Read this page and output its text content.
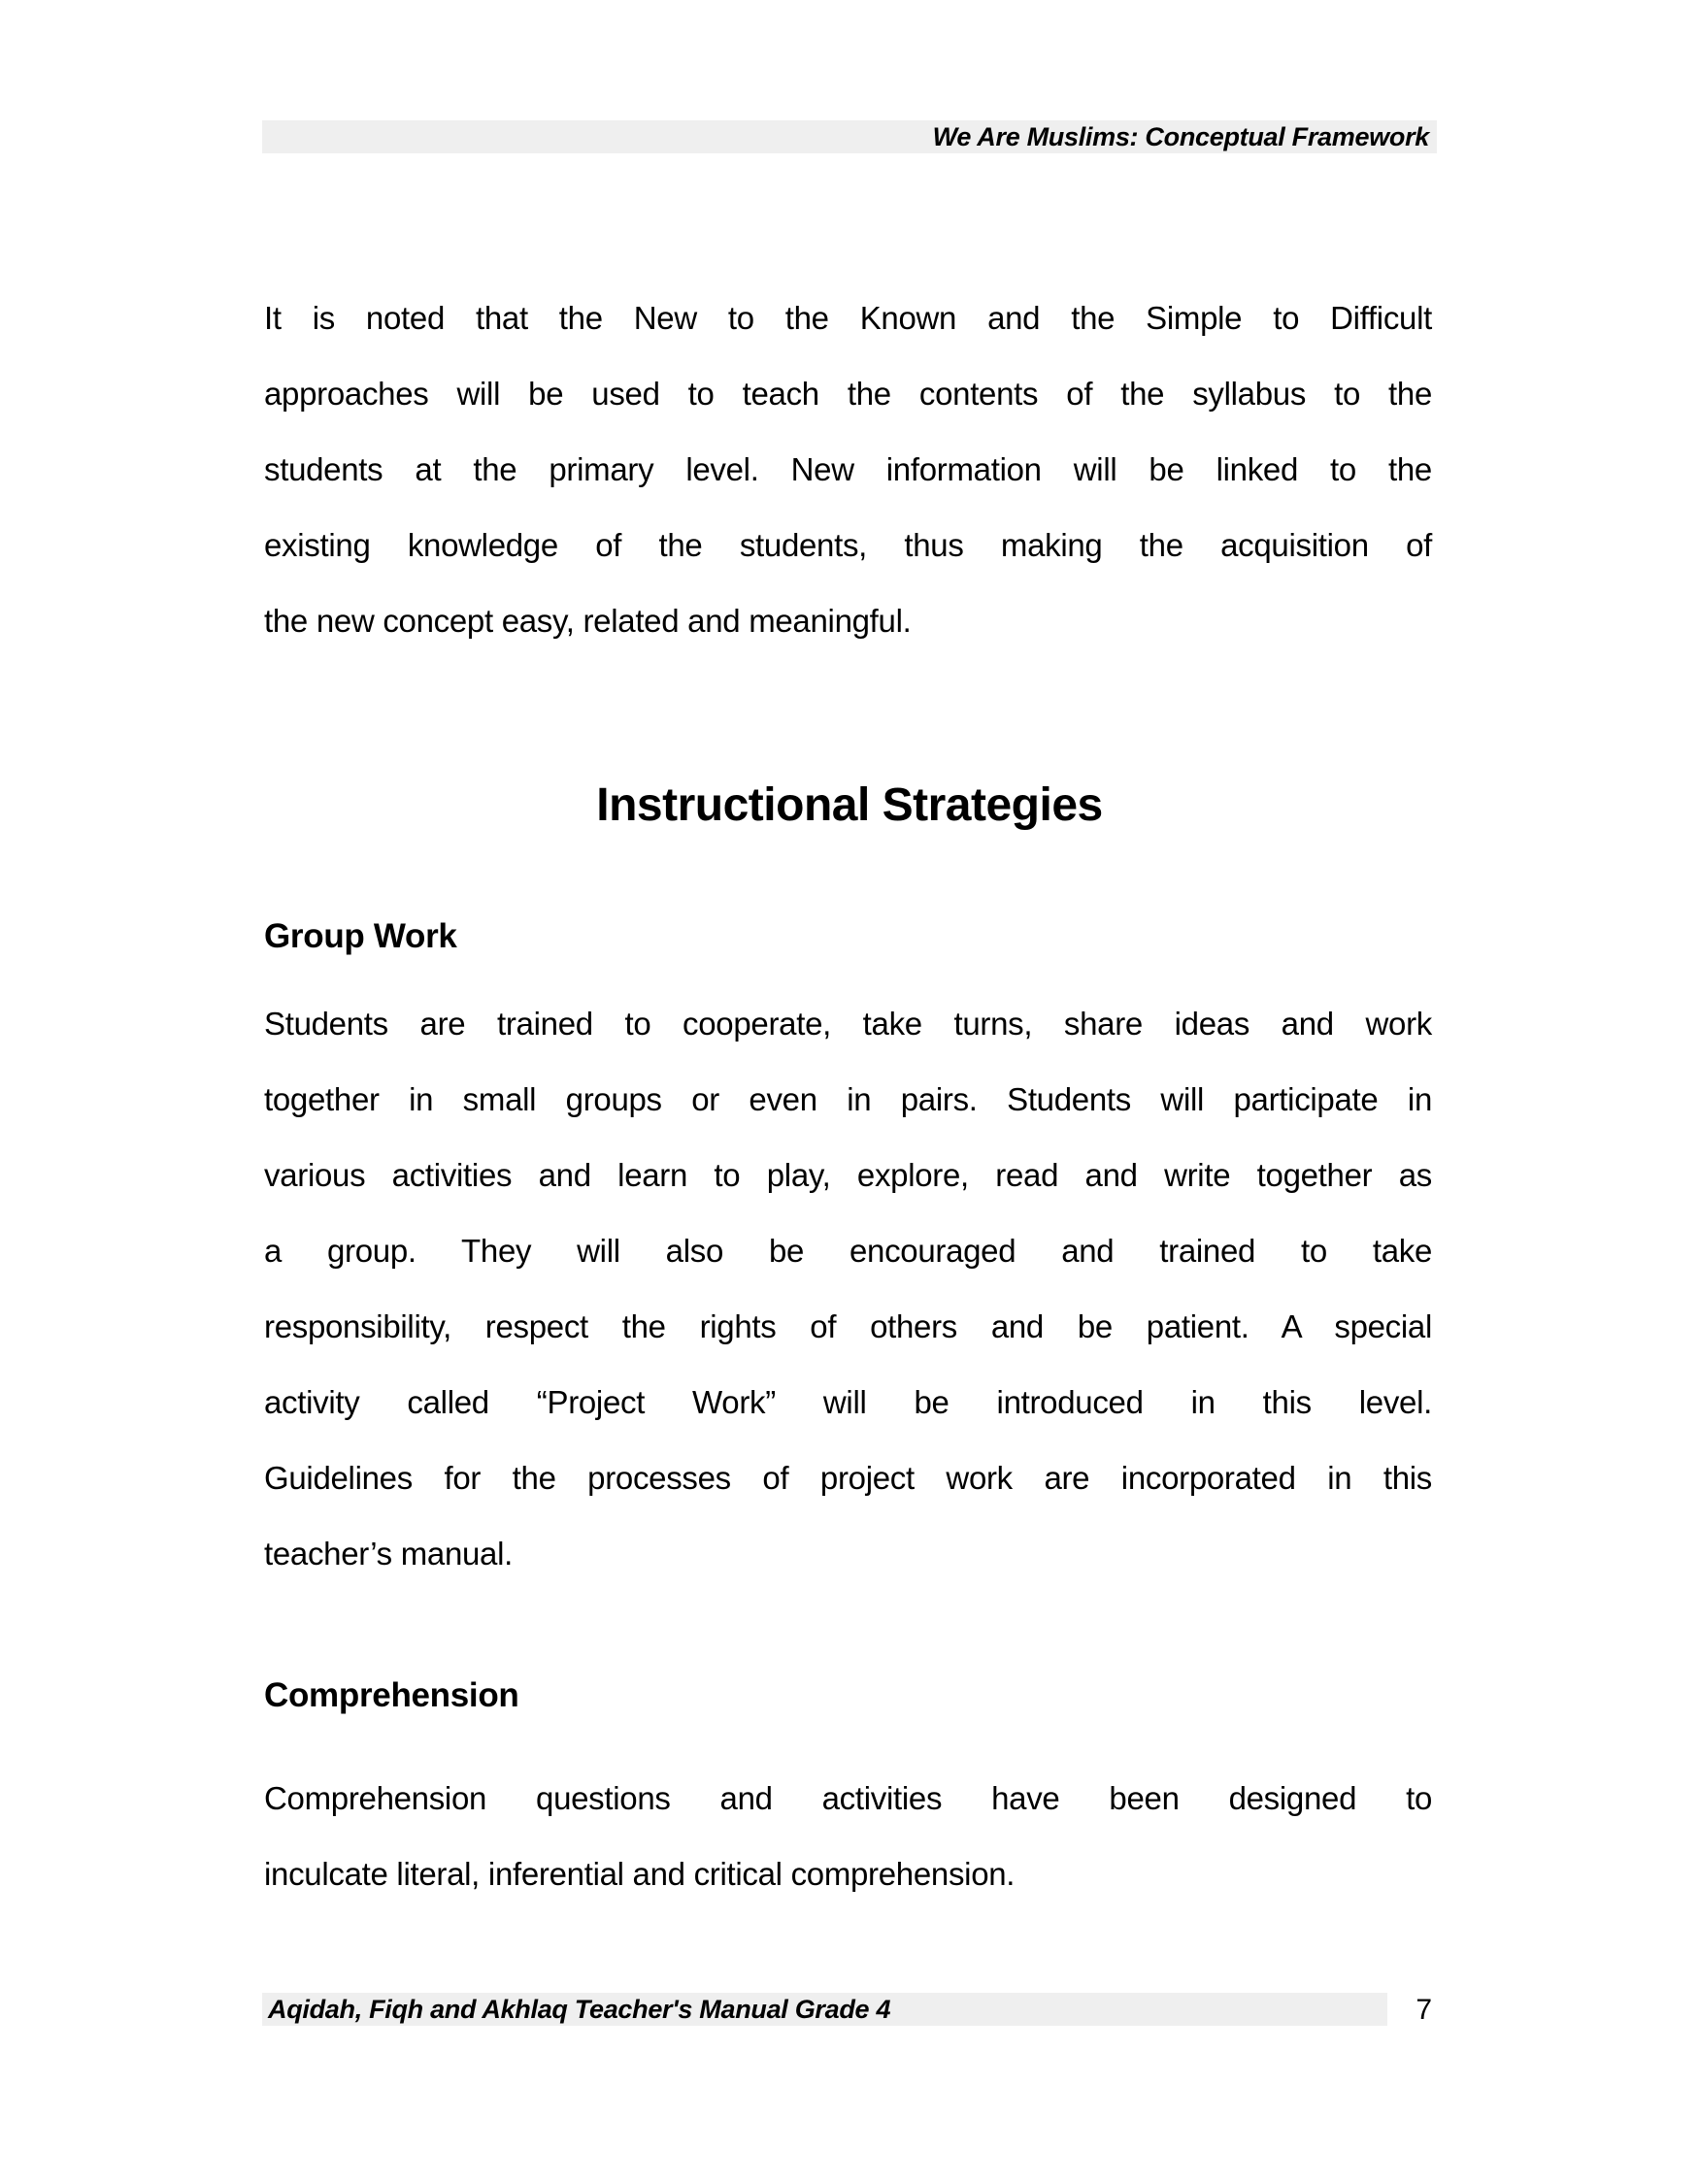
We Are Muslims: Conceptual Framework
It is noted that the New to the Known and the Simple to Difficult
approaches will be used to teach the contents of the syllabus to the
students at the primary level. New information will be linked to the
existing knowledge of the students, thus making the acquisition of
the new concept easy, related and meaningful.
Instructional Strategies
Group Work
Students are trained to cooperate, take turns, share ideas and work
together in small groups or even in pairs. Students will participate in
various activities and learn to play, explore, read and write together as
a group. They will also be encouraged and trained to take
responsibility, respect the rights of others and be patient. A special
activity called “Project Work” will be introduced in this level.
Guidelines for the processes of project work are incorporated in this
teacher’s manual.
Comprehension
Comprehension questions and activities have been designed to
inculcate literal, inferential and critical comprehension.
Aqidah, Fiqh and Akhlaq Teacher's Manual Grade 4	7
